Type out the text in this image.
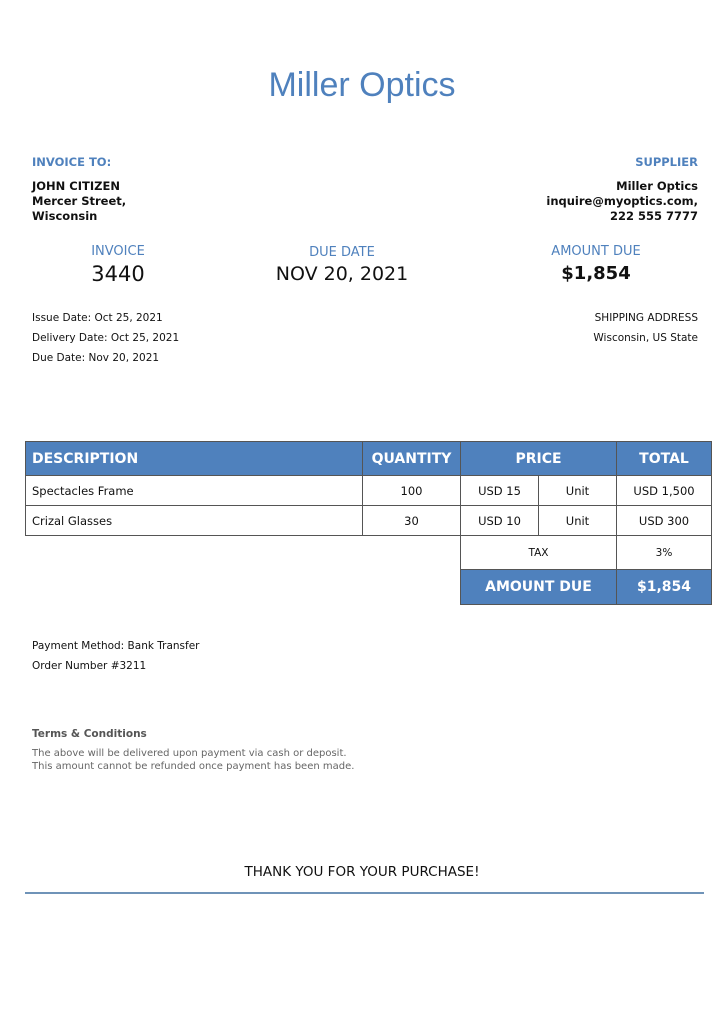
Miller Optics
INVOICE TO:
JOHN CITIZEN
Mercer Street,
Wisconsin
SUPPLIER
Miller Optics
inquire@myoptics.com,
222 555 7777
INVOICE
3440
DUE DATE
NOV 20, 2021
AMOUNT DUE
$1,854
Issue Date: Oct 25, 2021
Delivery Date: Oct 25, 2021
Due Date: Nov 20, 2021
SHIPPING ADDRESS
Wisconsin, US State
DESCRIPTION	QUANTITY	PRICE		TOTAL
Spectacles Frame	100	USD 15	Unit	USD 1,500
Crizal Glasses	30	USD 10	Unit	USD 300
		TAX		3%
		AMOUNT DUE		$1,854
Payment Method: Bank Transfer
Order Number #3211
Terms & Conditions
The above will be delivered upon payment via cash or deposit.
This amount cannot be refunded once payment has been made.
THANK YOU FOR YOUR PURCHASE!
